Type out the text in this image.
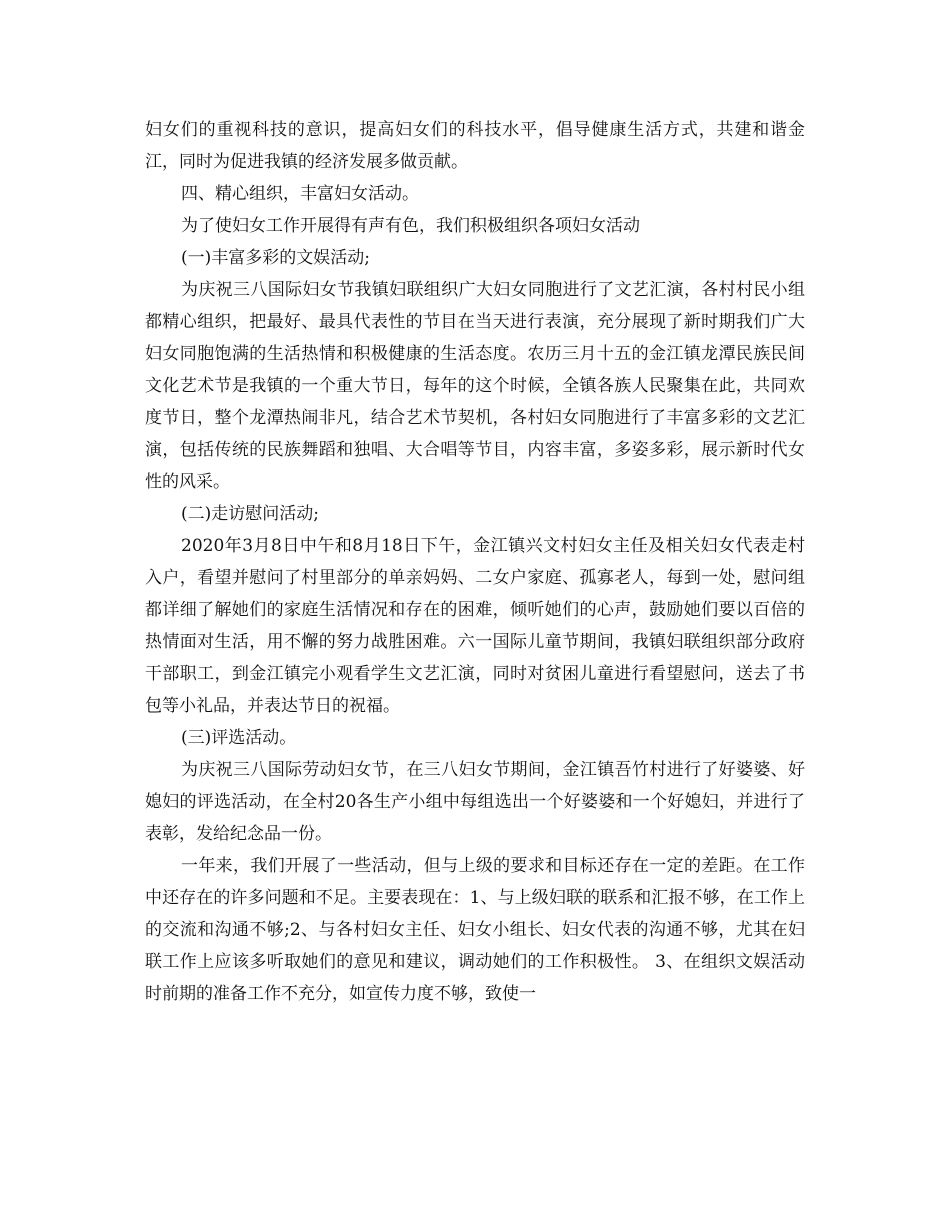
妇女们的重视科技的意识，提高妇女们的科技水平，倡导健康生活方式，共建和谐金江，同时为促进我镇的经济发展多做贡献。

四、精心组织，丰富妇女活动。

为了使妇女工作开展得有声有色，我们积极组织各项妇女活动

(一)丰富多彩的文娱活动;

为庆祝三八国际妇女节我镇妇联组织广大妇女同胞进行了文艺汇演，各村村民小组都精心组织，把最好、最具代表性的节目在当天进行表演，充分展现了新时期我们广大妇女同胞饱满的生活热情和积极健康的生活态度。农历三月十五的金江镇龙潭民族民间文化艺术节是我镇的一个重大节日，每年的这个时候，全镇各族人民聚集在此，共同欢度节日，整个龙潭热闹非凡，结合艺术节契机，各村妇女同胞进行了丰富多彩的文艺汇演，包括传统的民族舞蹈和独唱、大合唱等节目，内容丰富，多姿多彩，展示新时代女性的风采。

(二)走访慰问活动;

2020年3月8日中午和8月18日下午，金江镇兴文村妇女主任及相关妇女代表走村入户，看望并慰问了村里部分的单亲妈妈、二女户家庭、孤寡老人，每到一处，慰问组都详细了解她们的家庭生活情况和存在的困难，倾听她们的心声，鼓励她们要以百倍的热情面对生活，用不懈的努力战胜困难。六一国际儿童节期间，我镇妇联组织部分政府干部职工，到金江镇完小观看学生文艺汇演，同时对贫困儿童进行看望慰问，送去了书包等小礼品，并表达节日的祝福。

(三)评选活动。

为庆祝三八国际劳动妇女节，在三八妇女节期间，金江镇吾竹村进行了好婆婆、好媳妇的评选活动，在全村20各生产小组中每组选出一个好婆婆和一个好媳妇，并进行了表彰，发给纪念品一份。

一年来，我们开展了一些活动，但与上级的要求和目标还存在一定的差距。在工作中还存在的许多问题和不足。主要表现在：1、与上级妇联的联系和汇报不够，在工作上的交流和沟通不够;2、与各村妇女主任、妇女小组长、妇女代表的沟通不够，尤其在妇联工作上应该多听取她们的意见和建议，调动她们的工作积极性。 3、在组织文娱活动时前期的准备工作不充分，如宣传力度不够，致使一
